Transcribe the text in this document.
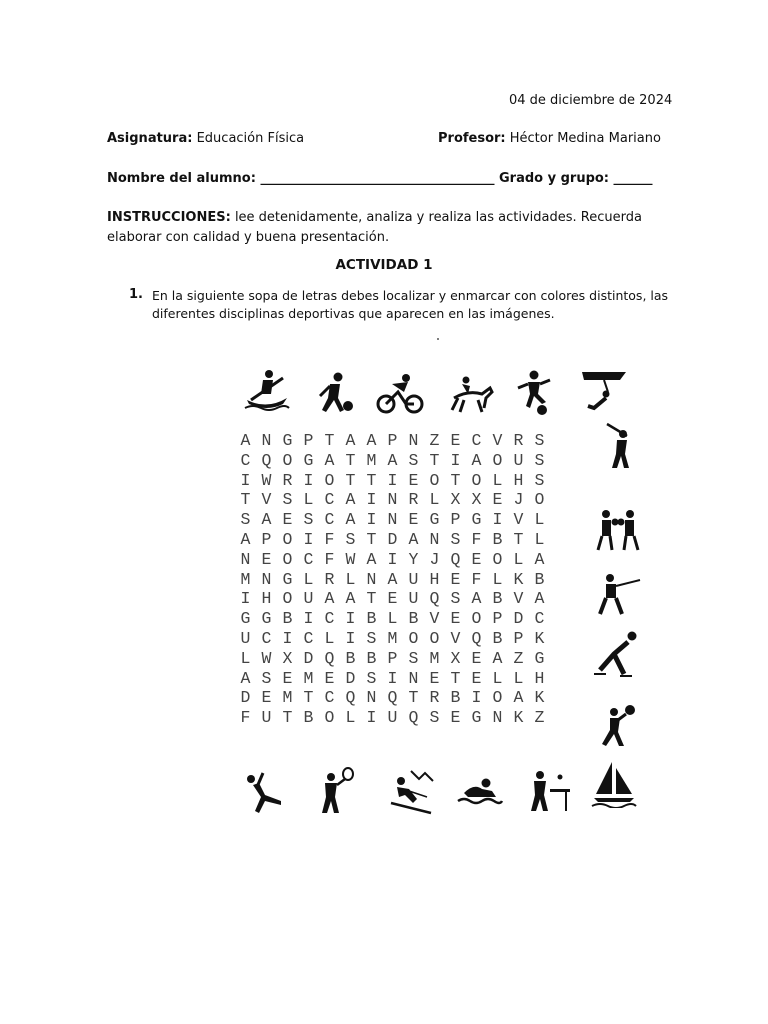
04 de diciembre de 2024
Asignatura: Educación Física	Profesor: Héctor Medina Mariano
Nombre del alumno: ____________________________________ Grado y grupo: ______
INSTRUCCIONES: lee detenidamente, analiza y realiza las actividades. Recuerda elaborar con calidad y buena presentación.
ACTIVIDAD 1
1. En la siguiente sopa de letras debes localizar y enmarcar con colores distintos, las diferentes disciplinas deportivas que aparecen en las imágenes.
A N G P T A A P N Z E C V R S
C Q O G A T M A S T I A O U S
I W R I O T T I E O T O L H S
T V S L C A I N R L X X E J O
S A E S C A I N E G P G I V L
A P O I F S T D A N S F B T L
N E O C F W A I Y J Q E O L A
M N G L R L N A U H E F L K B
I H O U A A T E U Q S A B V A
G G B I C I B L B V E O P D C
U C I C L I S M O O V Q B P K
L W X D Q B B P S M X E A Z G
A S E M E D S I N E T E L L H
D E M T C Q N Q T R B I O A K
F U T B O L I U Q S E G N K Z
